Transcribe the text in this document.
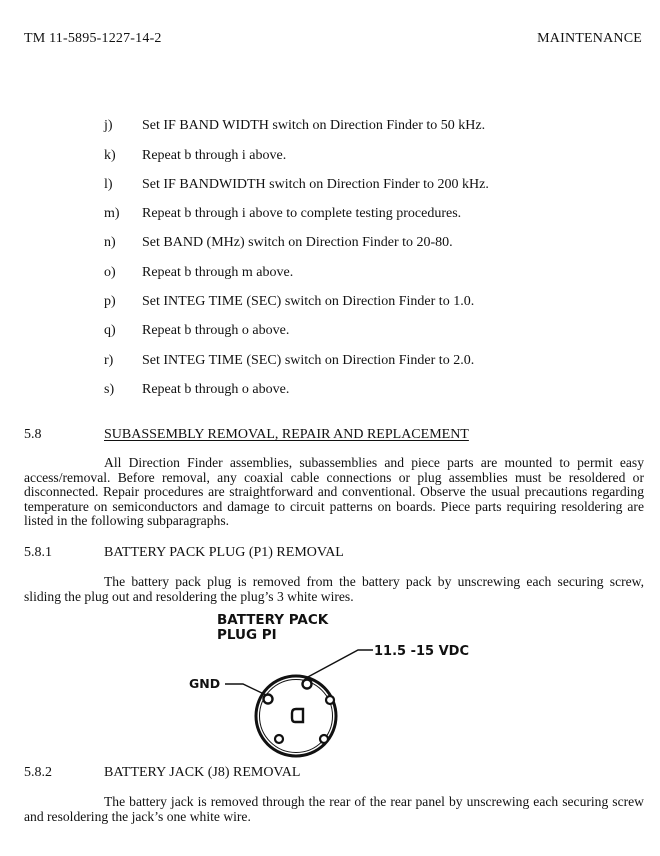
TM 11-5895-1227-14-2	MAINTENANCE
j) Set IF BAND WIDTH switch on Direction Finder to 50 kHz.
k) Repeat b through i above.
l) Set IF BANDWIDTH switch on Direction Finder to 200 kHz.
m) Repeat b through i above to complete testing procedures.
n) Set BAND (MHz) switch on Direction Finder to 20-80.
o) Repeat b through m above.
p) Set INTEG TIME (SEC) switch on Direction Finder to 1.0.
q) Repeat b through o above.
r) Set INTEG TIME (SEC) switch on Direction Finder to 2.0.
s) Repeat b through o above.
5.8	SUBASSEMBLY REMOVAL, REPAIR AND REPLACEMENT

All Direction Finder assemblies, subassemblies and piece parts are mounted to permit easy access/removal. Before removal, any coaxial cable connections or plug assemblies must be resoldered or disconnected. Repair procedures are straightforward and conventional. Observe the usual precautions regarding temperature on semiconductors and damage to circuit patterns on boards. Piece parts requiring resoldering are listed in the following subparagraphs.

5.8.1	BATTERY PACK PLUG (P1) REMOVAL

The battery pack plug is removed from the battery pack by unscrewing each securing screw, sliding the plug out and resoldering the plug’s 3 white wires.

BATTERY PACK
PLUG PI
11.5 -15 VDC
GND
5.8.2	BATTERY JACK (J8) REMOVAL

The battery jack is removed through the rear of the rear panel by unscrewing each securing screw and resoldering the jack’s one white wire.
